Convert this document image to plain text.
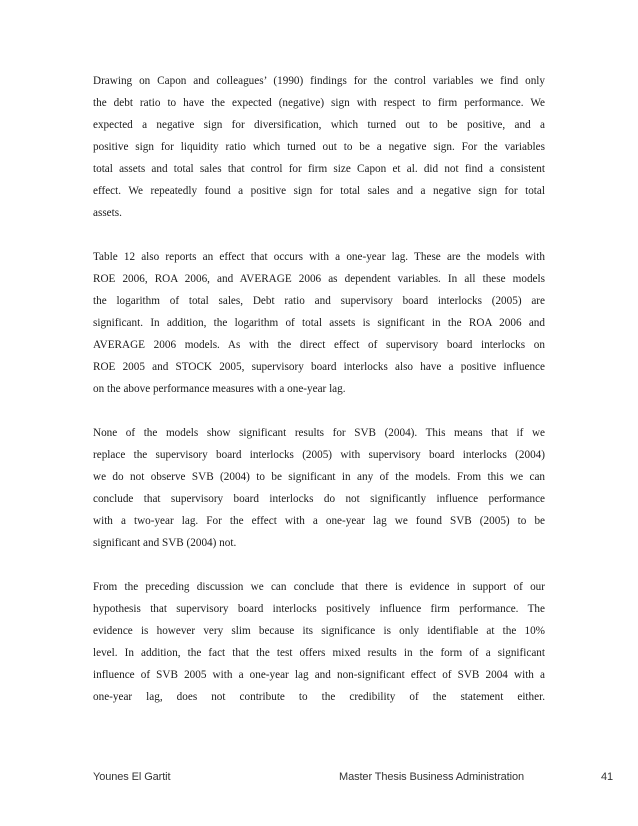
Drawing on Capon and colleagues’ (1990) findings for the control variables we find only
the debt ratio to have the expected (negative) sign with respect to firm performance. We
expected a negative sign for diversification, which turned out to be positive, and a
positive sign for liquidity ratio which turned out to be a negative sign. For the variables
total assets and total sales that control for firm size Capon et al. did not find a consistent
effect. We repeatedly found a positive sign for total sales and a negative sign for total
assets.

Table 12 also reports an effect that occurs with a one-year lag. These are the models with
ROE 2006, ROA 2006, and AVERAGE 2006 as dependent variables. In all these models
the logarithm of total sales, Debt ratio and supervisory board interlocks (2005) are
significant. In addition, the logarithm of total assets is significant in the ROA 2006 and
AVERAGE 2006 models. As with the direct effect of supervisory board interlocks on
ROE 2005 and STOCK 2005, supervisory board interlocks also have a positive influence
on the above performance measures with a one-year lag.

None of the models show significant results for SVB (2004). This means that if we
replace the supervisory board interlocks (2005) with supervisory board interlocks (2004)
we do not observe SVB (2004) to be significant in any of the models. From this we can
conclude that supervisory board interlocks do not significantly influence performance
with a two-year lag. For the effect with a one-year lag we found SVB (2005) to be
significant and SVB (2004) not.

From the preceding discussion we can conclude that there is evidence in support of our
hypothesis that supervisory board interlocks positively influence firm performance. The
evidence is however very slim because its significance is only identifiable at the 10%
level. In addition, the fact that the test offers mixed results in the form of a significant
influence of SVB 2005 with a one-year lag and non-significant effect of SVB 2004 with a
one-year lag, does not contribute to the credibility of the statement either.

Younes El Gartit	Master Thesis Business Administration	41
